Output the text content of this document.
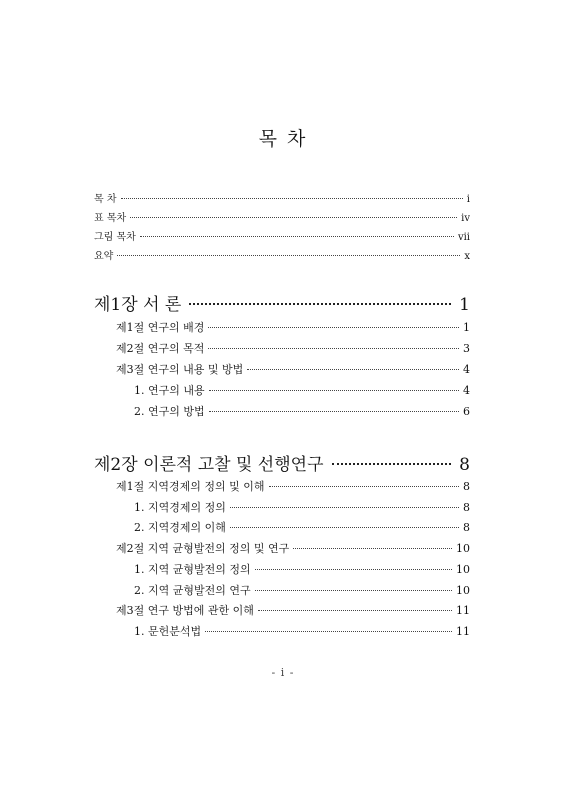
목 차
목 차	i
표 목차	iv
그림 목차	vii
요약	x
제1장 서 론	1
제1절 연구의 배경	1
제2절 연구의 목적	3
제3절 연구의 내용 및 방법	4
1. 연구의 내용	4
2. 연구의 방법	6
제2장 이론적 고찰 및 선행연구	8
제1절 지역경제의 정의 및 이해	8
1. 지역경제의 정의	8
2. 지역경제의 이해	8
제2절 지역 균형발전의 정의 및 연구	10
1. 지역 균형발전의 정의	10
2. 지역 균형발전의 연구	10
제3절 연구 방법에 관한 이해	11
1. 문헌분석법	11
- i -
